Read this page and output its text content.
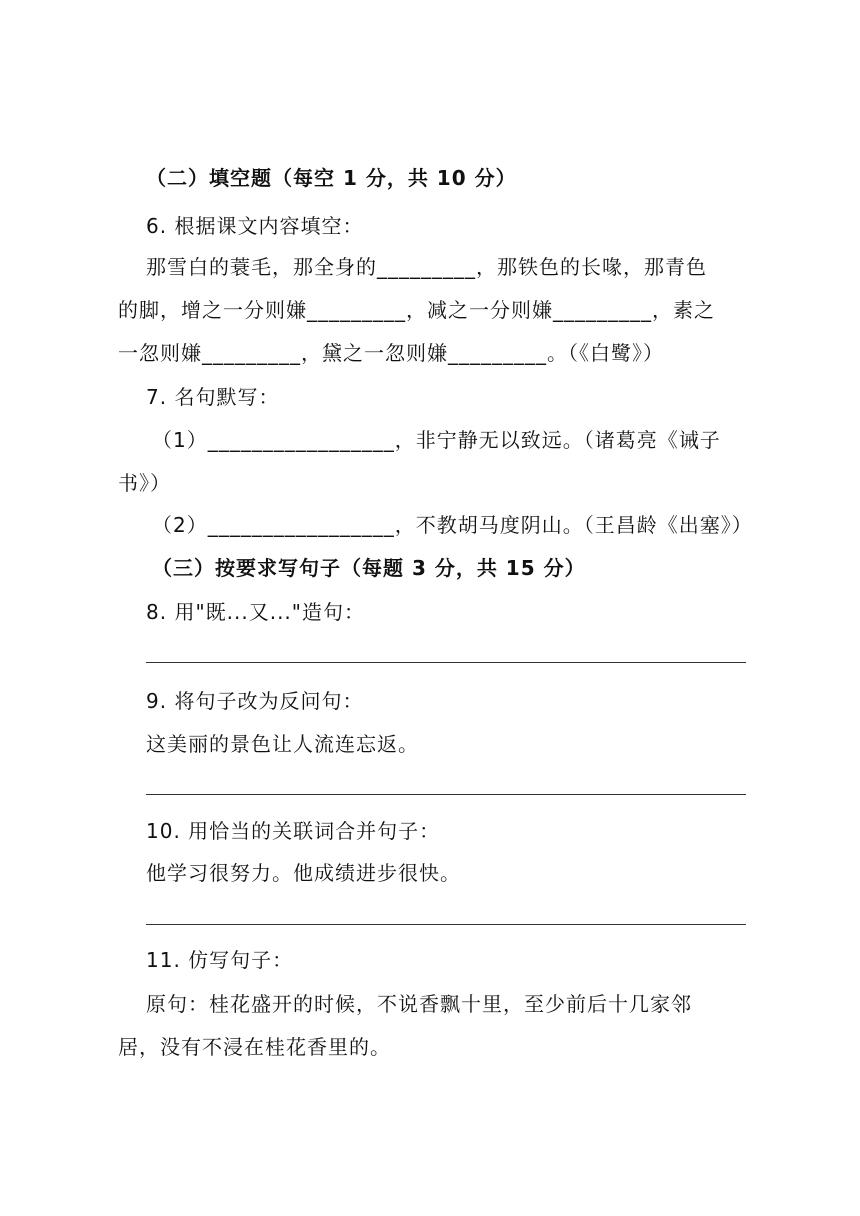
（二）填空题（每空 1 分，共 10 分）
6. 根据课文内容填空：
那雪白的蓑毛，那全身的_________，那铁色的长喙，那青色
的脚，增之一分则嫌_________，减之一分则嫌_________，素之
一忽则嫌_________，黛之一忽则嫌_________。（《白鹭》）
7. 名句默写：
（1）_________________，非宁静无以致远。（诸葛亮《诫子
书》）
（2）_________________，不教胡马度阴山。（王昌龄《出塞》）
（三）按要求写句子（每题 3 分，共 15 分）
8. 用"既...又..."造句：
9. 将句子改为反问句：
这美丽的景色让人流连忘返。
10. 用恰当的关联词合并句子：
他学习很努力。他成绩进步很快。
11. 仿写句子：
原句：桂花盛开的时候，不说香飘十里，至少前后十几家邻
居，没有不浸在桂花香里的。
